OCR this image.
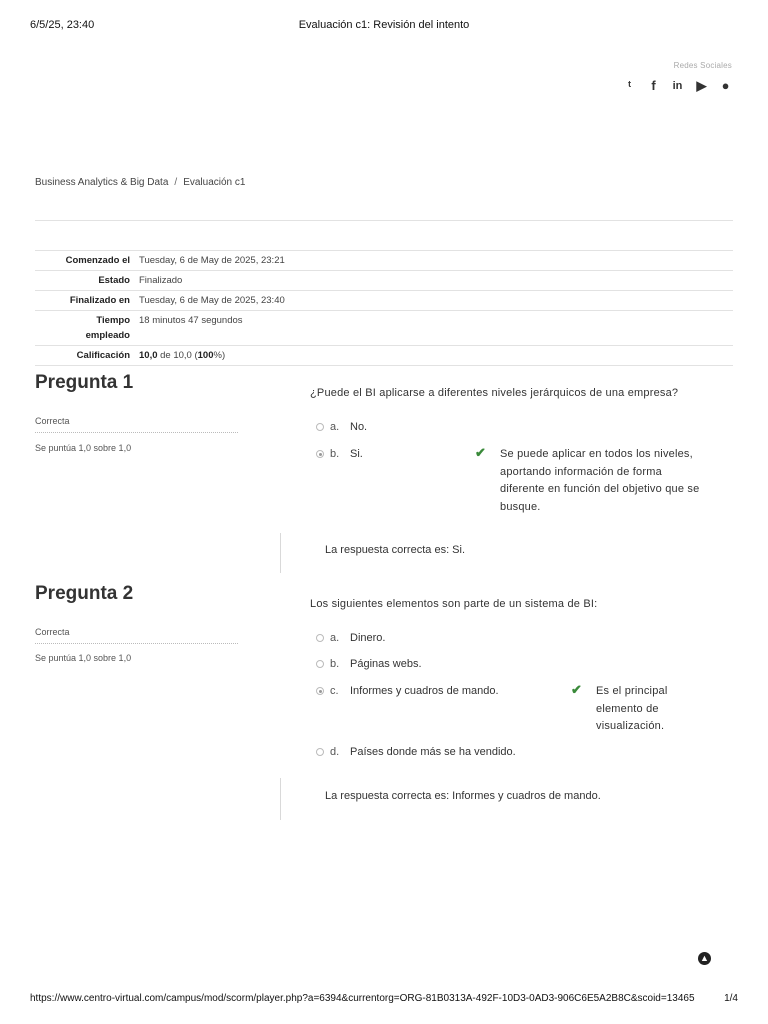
6/5/25, 23:40	Evaluación c1: Revisión del intento
Redes Sociales
ᵗ	f	in ▶ ●
Business Analytics & Big Data / Evaluación c1
Comenzado el	Tuesday, 6 de May de 2025, 23:21
Estado	Finalizado
Finalizado en	Tuesday, 6 de May de 2025, 23:40
Tiempo
empleado	18 minutos 47 segundos
Calificación	10,0 de 10,0 (100%)
Pregunta 1
Correcta
Se puntúa 1,0 sobre 1,0
¿Puede el BI aplicarse a diferentes niveles jerárquicos de una empresa?
a. No.
b. Si.	✔ Se puede aplicar en todos los niveles,
aportando información de forma
diferente en función del objetivo que se
busque.
La respuesta correcta es: Si.
Pregunta 2
Correcta
Se puntúa 1,0 sobre 1,0
Los siguientes elementos son parte de un sistema de BI:
a. Dinero.
b. Páginas webs.
c.	Informes y cuadros de mando.	✔ Es el principal
elemento de
visualización.
d. Países donde más se ha vendido.
La respuesta correcta es: Informes y cuadros de mando.
▲
https://www.centro-virtual.com/campus/mod/scorm/player.php?a=6394&currentorg=ORG-81B0313A-492F-10D3-0AD3-906C6E5A2B8C&scoid=13465	1/4
